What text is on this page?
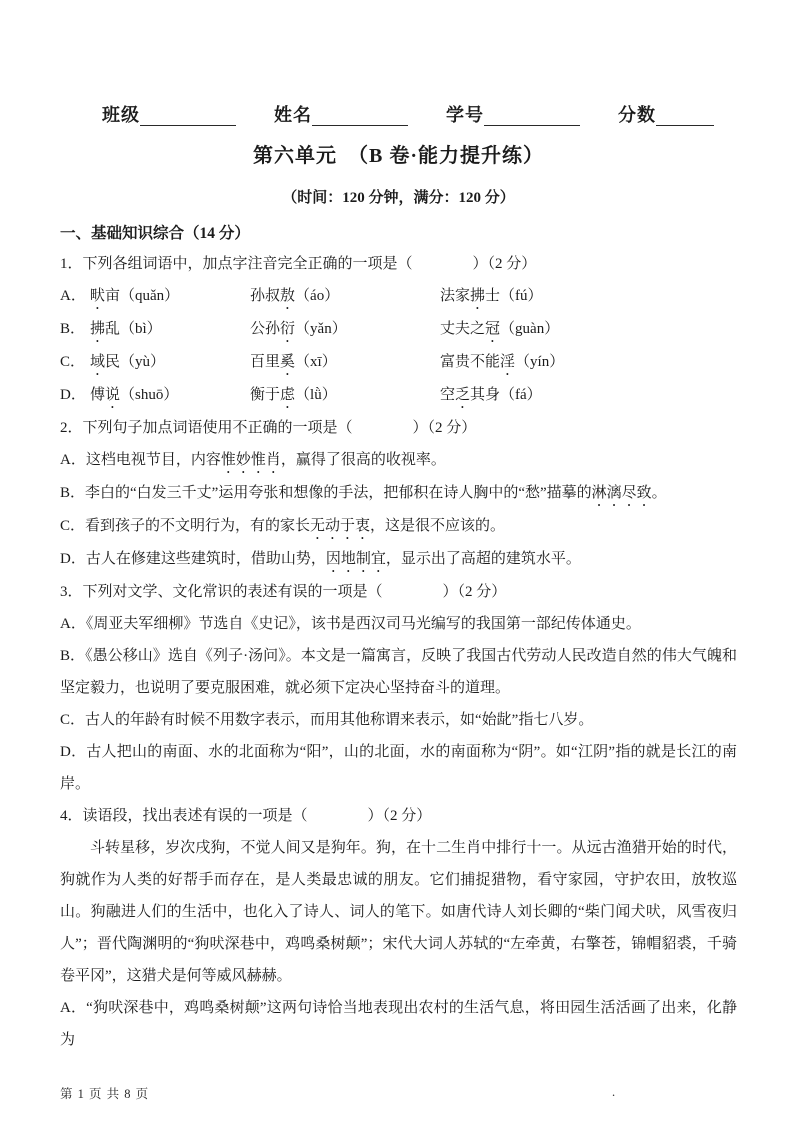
班级	姓名	学号	分数
第六单元　（B 卷·能力提升练）
（时间：120 分钟，满分：120 分）
一、基础知识综合（14 分）

1．下列各组词语中，加点字注音完全正确的一项是（　　　　）（2 分）

A． 畎亩（quǎn）	孙叔敖（áo）	法家拂士（fú）

B． 拂乱（bì）	公孙衍（yǎn）	丈夫之冠（guàn）

C． 域民（yù）	百里奚（xī）	富贵不能淫（yín）

D． 傅说（shuō）	衡于虑（lǜ）	空乏其身（fá）

2．下列句子加点词语使用不正确的一项是（　　　　）（2 分）

A．这档电视节目，内容惟妙惟肖，赢得了很高的收视率。

B．李白的“白发三千丈”运用夸张和想像的手法，把郁积在诗人胸中的“愁”描摹的淋漓尽致。

C．看到孩子的不文明行为，有的家长无动于衷，这是很不应该的。

D．古人在修建这些建筑时，借助山势，因地制宜，显示出了高超的建筑水平。

3．下列对文学、文化常识的表述有误的一项是（　　　　）（2 分）

A．《周亚夫军细柳》节选自《史记》，该书是西汉司马光编写的我国第一部纪传体通史。

B．《愚公移山》选自《列子·汤问》。本文是一篇寓言，反映了我国古代劳动人民改造自然的伟大气魄和坚定毅力，也说明了要克服困难，就必须下定决心坚持奋斗的道理。

C．古人的年龄有时候不用数字表示，而用其他称谓来表示，如“始龀”指七八岁。

D．古人把山的南面、水的北面称为“阳”，山的北面，水的南面称为“阴”。如“江阴”指的就是长江的南岸。

4．读语段，找出表述有误的一项是（　　　　）（2 分）

斗转星移，岁次戌狗，不觉人间又是狗年。狗，在十二生肖中排行十一。从远古渔猎开始的时代，狗就作为人类的好帮手而存在，是人类最忠诚的朋友。它们捕捉猎物，看守家园，守护农田，放牧巡山。狗融进人们的生活中，也化入了诗人、词人的笔下。如唐代诗人刘长卿的“柴门闻犬吠，风雪夜归人”；晋代陶渊明的“狗吠深巷中，鸡鸣桑树颠”；宋代大词人苏轼的“左牵黄，右擎苍，锦帽貂裘，千骑卷平冈”，这猎犬是何等威风赫赫。

A．“狗吠深巷中，鸡鸣桑树颠”这两句诗恰当地表现出农村的生活气息，将田园生活活画了出来，化静为

第 1 页 共 8 页	.
